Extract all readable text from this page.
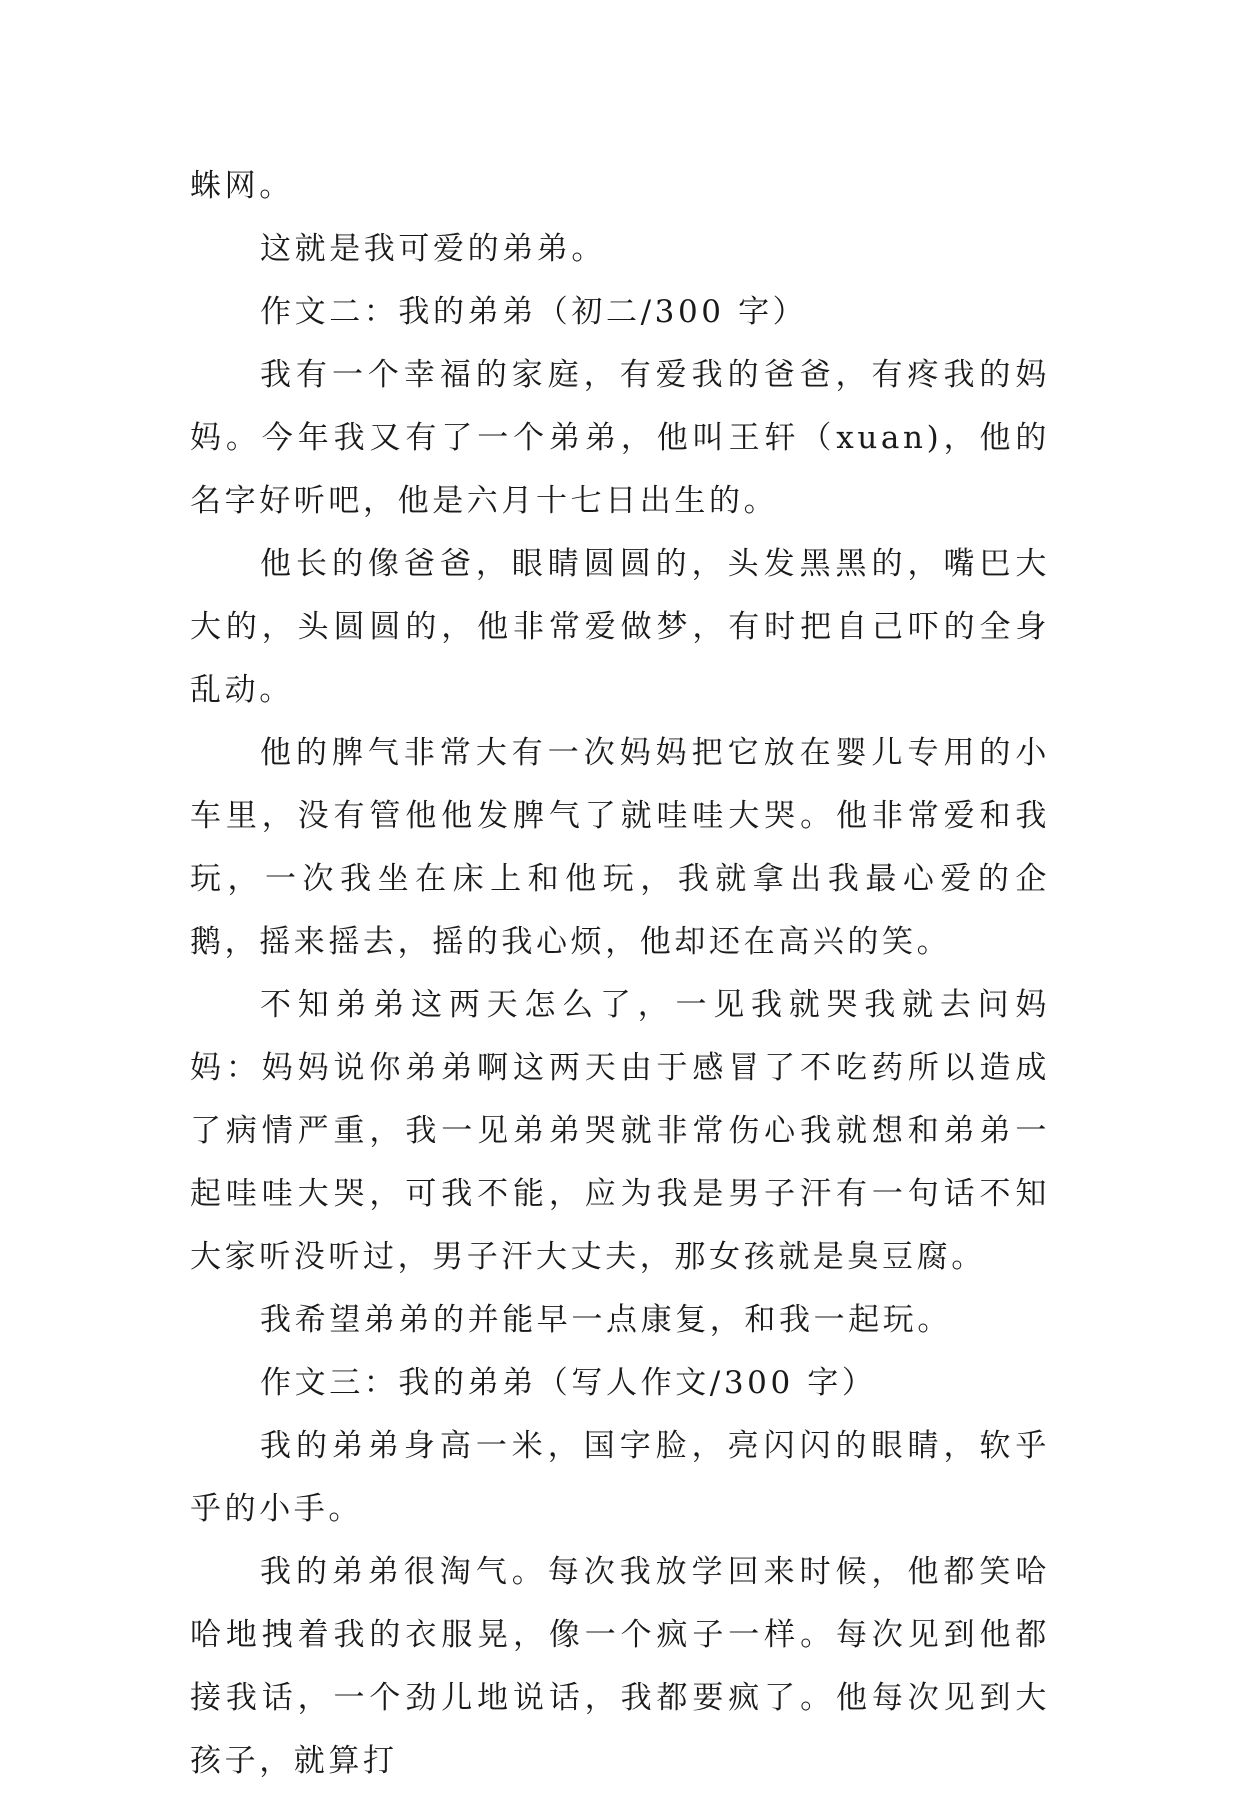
蛛网。

这就是我可爱的弟弟。

作文二：我的弟弟（初二/300 字）

我有一个幸福的家庭，有爱我的爸爸，有疼我的妈妈。今年我又有了一个弟弟，他叫王轩（xuan)，他的名字好听吧，他是六月十七日出生的。

他长的像爸爸，眼睛圆圆的，头发黑黑的，嘴巴大大的，头圆圆的，他非常爱做梦，有时把自己吓的全身乱动。

他的脾气非常大有一次妈妈把它放在婴儿专用的小车里，没有管他他发脾气了就哇哇大哭。他非常爱和我玩，一次我坐在床上和他玩，我就拿出我最心爱的企鹅，摇来摇去，摇的我心烦，他却还在高兴的笑。

不知弟弟这两天怎么了，一见我就哭我就去问妈妈：妈妈说你弟弟啊这两天由于感冒了不吃药所以造成了病情严重，我一见弟弟哭就非常伤心我就想和弟弟一起哇哇大哭，可我不能，应为我是男子汗有一句话不知大家听没听过，男子汗大丈夫，那女孩就是臭豆腐。

我希望弟弟的并能早一点康复，和我一起玩。

作文三：我的弟弟（写人作文/300 字）

我的弟弟身高一米，国字脸，亮闪闪的眼睛，软乎乎的小手。

我的弟弟很淘气。每次我放学回来时候，他都笑哈哈地拽着我的衣服晃，像一个疯子一样。每次见到他都接我话，一个劲儿地说话，我都要疯了。他每次见到大孩子，就算打
